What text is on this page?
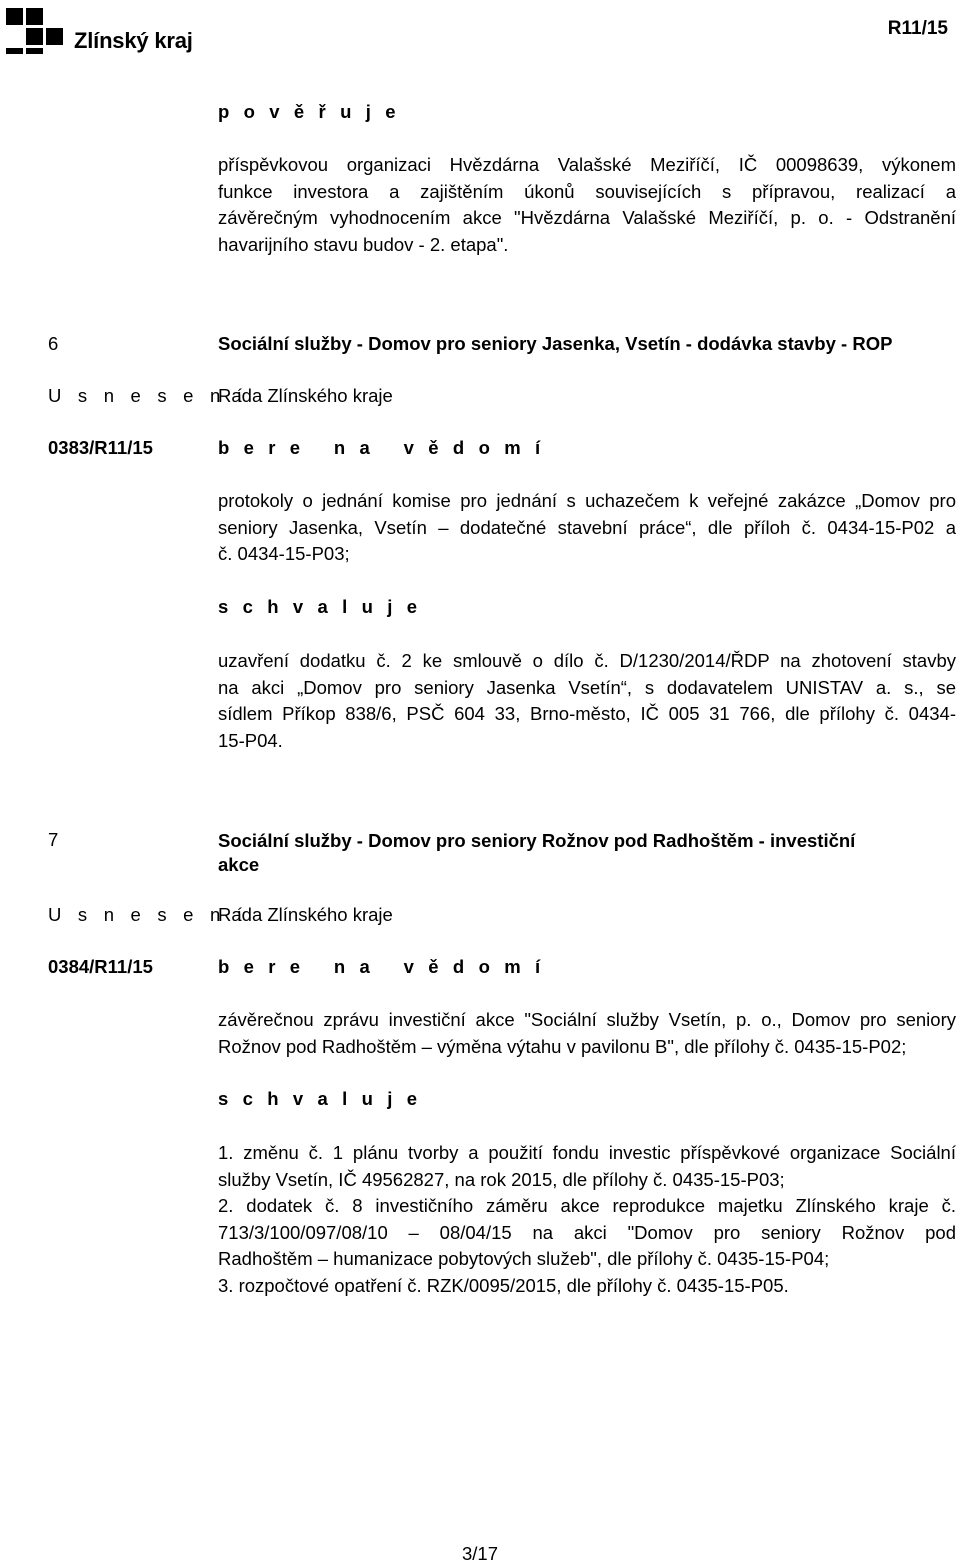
Zlínský kraj	R11/15
p o v ě ř u j e
příspěvkovou organizaci Hvězdárna Valašské Meziříčí, IČ 00098639, výkonem
funkce investora a zajištěním úkonů souvisejících s přípravou, realizací a
závěrečným vyhodnocením akce "Hvězdárna Valašské Meziříčí, p. o. - Odstranění
havarijního stavu budov - 2. etapa".
6	Sociální služby - Domov pro seniory Jasenka, Vsetín - dodávka stavby - ROP
U s n e s e n í
Rada Zlínského kraje
0383/R11/15	b e r e   n a   v ě d o m í
protokoly o jednání komise pro jednání s uchazečem k veřejné zakázce „Domov pro
seniory Jasenka, Vsetín – dodatečné stavební práce“, dle příloh č. 0434-15-P02 a
č. 0434-15-P03;
s c h v a l u j e
uzavření dodatku č. 2 ke smlouvě o dílo č. D/1230/2014/ŘDP na zhotovení stavby
na akci „Domov pro seniory Jasenka Vsetín“, s dodavatelem UNISTAV a. s., se
sídlem Příkop 838/6, PSČ 604 33, Brno-město, IČ 005 31 766, dle přílohy č. 0434-
15-P04.
7	Sociální služby - Domov pro seniory Rožnov pod Radhoštěm - investiční
akce
U s n e s e n í
Rada Zlínského kraje
0384/R11/15	b e r e   n a   v ě d o m í
závěrečnou zprávu investiční akce "Sociální služby Vsetín, p. o., Domov pro seniory
Rožnov pod Radhoštěm – výměna výtahu v pavilonu B", dle přílohy č. 0435-15-P02;
s c h v a l u j e
1. změnu č. 1 plánu tvorby a použití fondu investic příspěvkové organizace Sociální
služby Vsetín, IČ 49562827, na rok 2015, dle přílohy č. 0435-15-P03;
2. dodatek č. 8 investičního záměru akce reprodukce majetku Zlínského kraje č.
713/3/100/097/08/10 – 08/04/15 na akci "Domov pro seniory Rožnov pod
Radhoštěm – humanizace pobytových služeb", dle přílohy č. 0435-15-P04;
3. rozpočtové opatření č. RZK/0095/2015, dle přílohy č. 0435-15-P05.
3/17
